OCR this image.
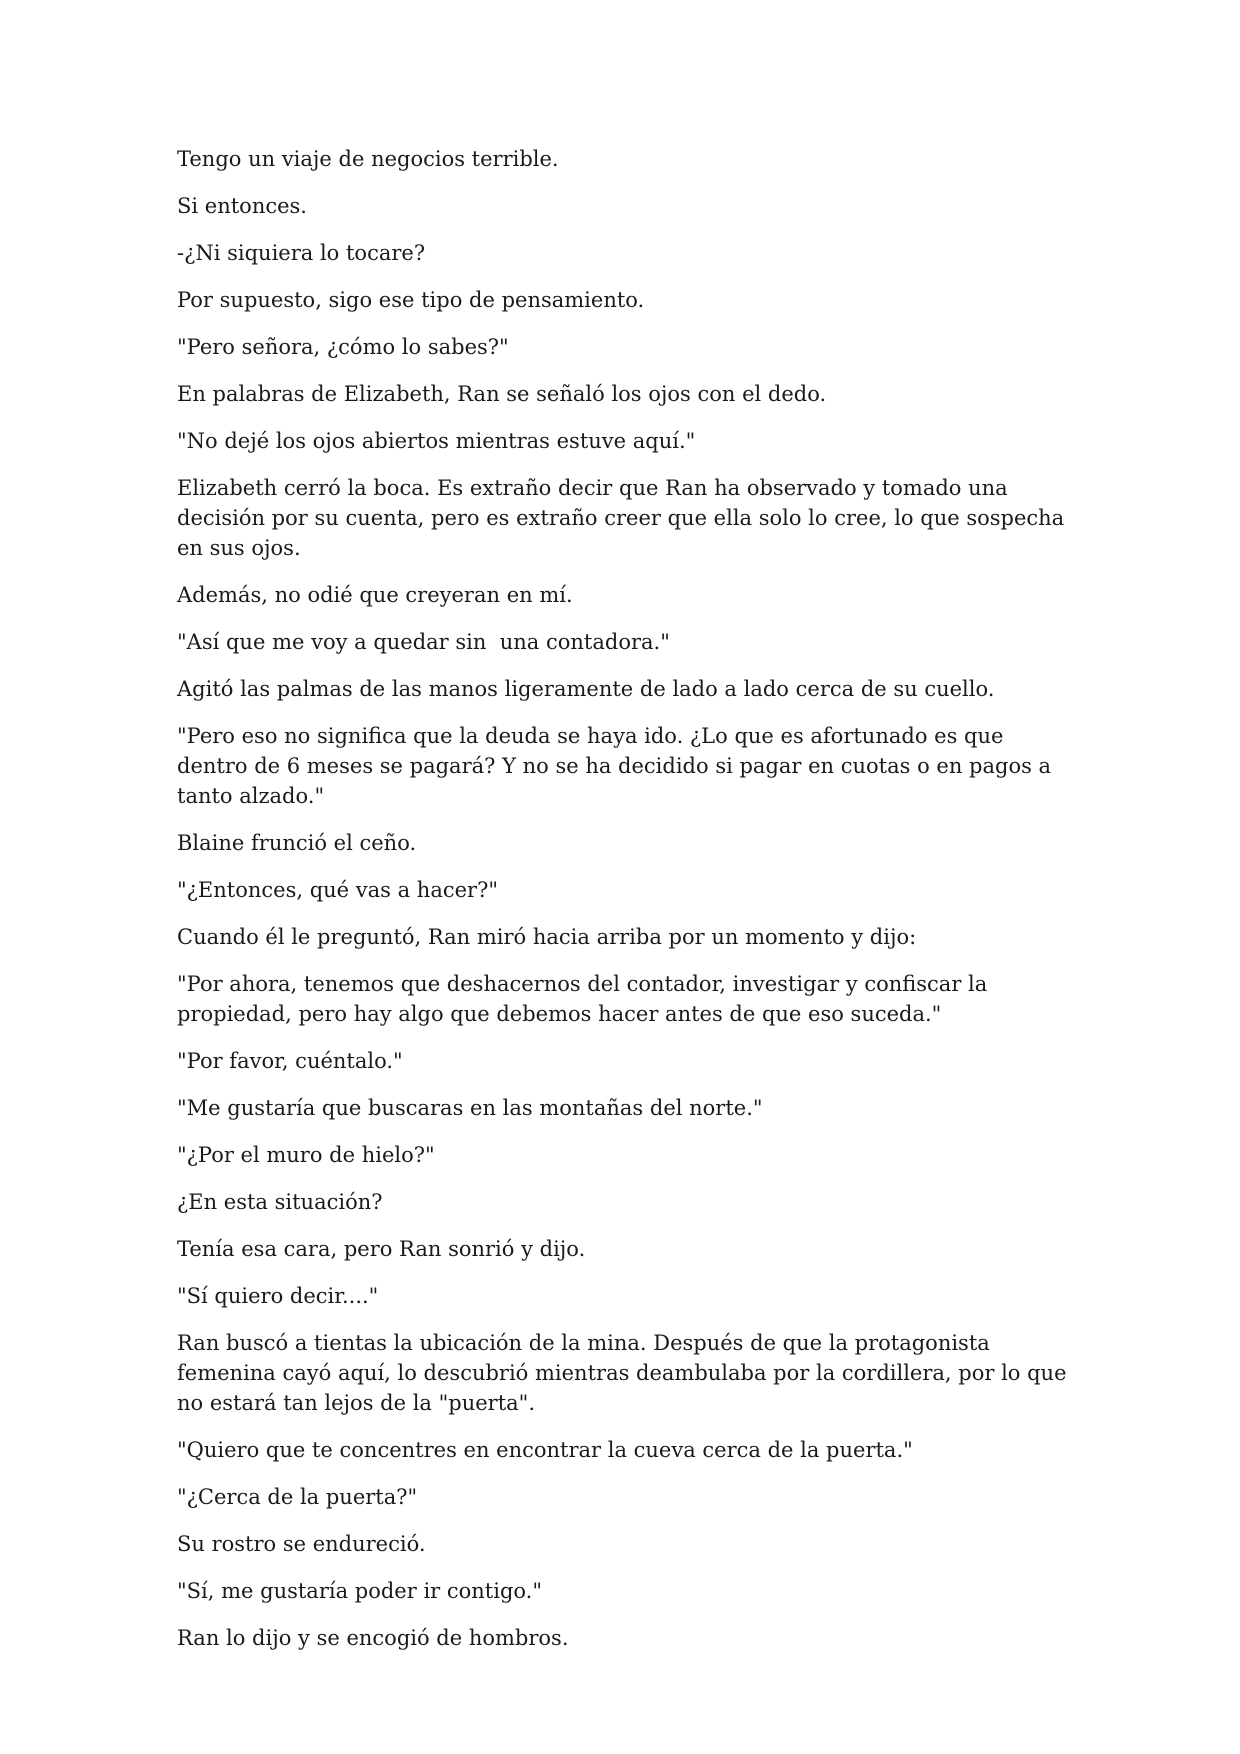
Tengo un viaje de negocios terrible.

Si entonces.

-¿Ni siquiera lo tocare?

Por supuesto, sigo ese tipo de pensamiento.

"Pero señora, ¿cómo lo sabes?"

En palabras de Elizabeth, Ran se señaló los ojos con el dedo.

"No dejé los ojos abiertos mientras estuve aquí."

Elizabeth cerró la boca. Es extraño decir que Ran ha observado y tomado una decisión por su cuenta, pero es extraño creer que ella solo lo cree, lo que sospecha en sus ojos.

Además, no odié que creyeran en mí.

"Así que me voy a quedar sin  una contadora."

Agitó las palmas de las manos ligeramente de lado a lado cerca de su cuello.

"Pero eso no significa que la deuda se haya ido. ¿Lo que es afortunado es que dentro de 6 meses se pagará? Y no se ha decidido si pagar en cuotas o en pagos a tanto alzado."

Blaine frunció el ceño.

"¿Entonces, qué vas a hacer?"

Cuando él le preguntó, Ran miró hacia arriba por un momento y dijo:

"Por ahora, tenemos que deshacernos del contador, investigar y confiscar la propiedad, pero hay algo que debemos hacer antes de que eso suceda."

"Por favor, cuéntalo."

"Me gustaría que buscaras en las montañas del norte."

"¿Por el muro de hielo?"

¿En esta situación?

Tenía esa cara, pero Ran sonrió y dijo.

"Sí quiero decir...."

Ran buscó a tientas la ubicación de la mina. Después de que la protagonista femenina cayó aquí, lo descubrió mientras deambulaba por la cordillera, por lo que no estará tan lejos de la "puerta".

"Quiero que te concentres en encontrar la cueva cerca de la puerta."

"¿Cerca de la puerta?"

Su rostro se endureció.

"Sí, me gustaría poder ir contigo."

Ran lo dijo y se encogió de hombros.
